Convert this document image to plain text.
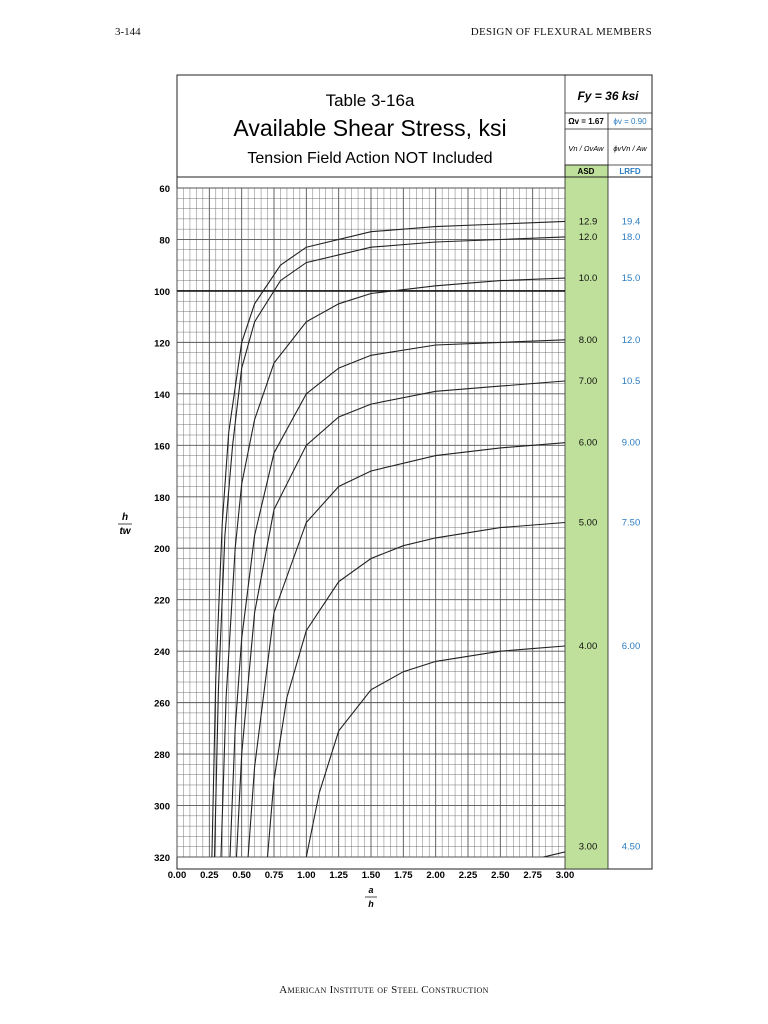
3-144	DESIGN OF FLEXURAL MEMBERS
Table 3-16a
Available Shear Stress, ksi
Tension Field Action NOT Included
Fy = 36 ksi
Ωv = 1.67 ϕv = 0.90
Vn / ΩvAw ϕvVn / Aw
ASD	LRFD
0.00 0.25 0.50 0.75 1.00 1.25 1.50 1.75 2.00 2.25 2.50 2.75 3.00
60
80
100
120
140
160
180
200
220
240
260
280
300
320
12.9	19.4
12.0	18.0
10.0	15.0
8.00	12.0
7.00	10.5
6.00	9.00
5.00	7.50
4.00	6.00
3.00	4.50
a
h
h
tw
American Institute of Steel Construction
